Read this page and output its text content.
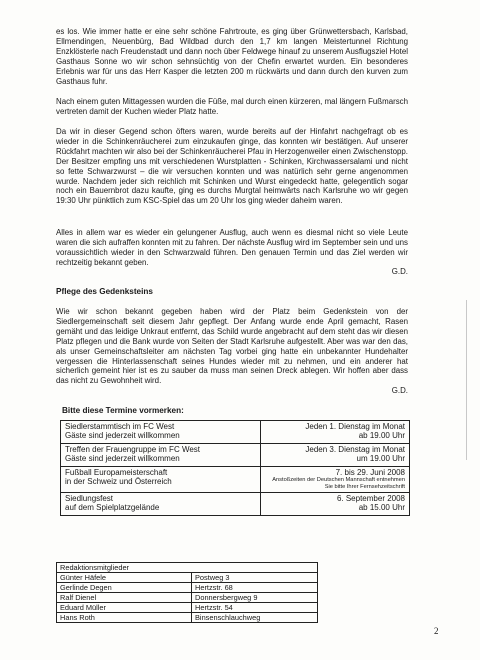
es los. Wie immer hatte er eine sehr schöne Fahrtroute, es ging über Grünwettersbach, Karlsbad, Ellmendingen, Neuenbürg, Bad Wildbad durch den 1,7 km langen Meistertunnel Richtung Enzklösterle nach Freudenstadt und dann noch über Feldwege hinauf zu unserem Ausflugsziel Hotel Gasthaus Sonne wo wir schon sehnsüchtig von der Chefin erwartet wurden. Ein besonderes Erlebnis war für uns das Herr Kasper die letzten 200 m rückwärts und dann durch den kurven zum Gasthaus fuhr.

Nach einem guten Mittagessen wurden die Füße, mal durch einen kürzeren, mal längern Fußmarsch vertreten damit der Kuchen wieder Platz hatte.

Da wir in dieser Gegend schon öfters waren, wurde bereits auf der Hinfahrt nachgefragt ob es wieder in die Schinkenräucherei zum einzukaufen ginge, das konnten wir bestätigen. Auf unserer Rückfahrt machten wir also bei der Schinkenräucherei Pfau in Herzogenweiler einen Zwischenstopp. Der Besitzer empfing uns mit verschiedenen Wurstplatten - Schinken, Kirchwassersalami und nicht so fette Schwarzwurst – die wir versuchen konnten und was natürlich sehr gerne angenommen wurde. Nachdem jeder sich reichlich mit Schinken und Wurst eingedeckt hatte, gelegentlich sogar noch ein Bauernbrot dazu kaufte, ging es durchs Murgtal heimwärts nach Karlsruhe wo wir gegen 19:30 Uhr pünktlich zum KSC-Spiel das um 20 Uhr los ging wieder daheim waren.

Alles in allem war es wieder ein gelungener Ausflug, auch wenn es diesmal nicht so viele Leute waren die sich aufraffen konnten mit zu fahren. Der nächste Ausflug wird im September sein und uns voraussichtlich wieder in den Schwarzwald führen. Den genauen Termin und das Ziel werden wir rechtzeitig bekannt geben.

G.D.

Pflege des Gedenksteins

Wie wir schon bekannt gegeben haben wird der Platz beim Gedenkstein von der Siedlergemeinschaft seit diesem Jahr gepflegt. Der Anfang wurde ende April gemacht, Rasen gemäht und das leidige Unkraut entfernt, das Schild wurde angebracht auf dem steht das wir diesen Platz pflegen und die Bank wurde von Seiten der Stadt Karlsruhe aufgestellt. Aber was war den das, als unser Gemeinschaftsleiter am nächsten Tag vorbei ging hatte ein unbekannter Hundehalter vergessen die Hinterlassenschaft seines Hundes wieder mit zu nehmen, und ein anderer hat sicherlich gemeint hier ist es zu sauber da muss man seinen Dreck ablegen. Wir hoffen aber dass das nicht zu Gewohnheit wird.

G.D.

Bitte diese Termine vormerken:

Siedlerstammtisch im FC West
Gäste sind jederzeit willkommen	Jeden 1. Dienstag im Monat
ab 19.00 Uhr
Treffen der Frauengruppe im FC West
Gäste sind jederzeit willkommen	Jeden 3. Dienstag im Monat
um 19.00 Uhr
Fußball Europameisterschaft
in der Schweiz und Österreich	7. bis 29. Juni 2008
Anstoßzeiten der Deutschen Mannschaft entnehmen Sie bitte Ihrer Fernsehzeitschrift

Siedlungsfest
auf dem Spielplatzgelände	6. September 2008
ab 15.00 Uhr
Redaktionsmitglieder	
Günter Häfele	Postweg 3
Gerlinde Degen	Hertzstr. 68
Ralf Dienel	Donnersbergweg 9
Eduard Müller	Hertzstr. 54
Hans Roth	Binsenschlauchweg
2
